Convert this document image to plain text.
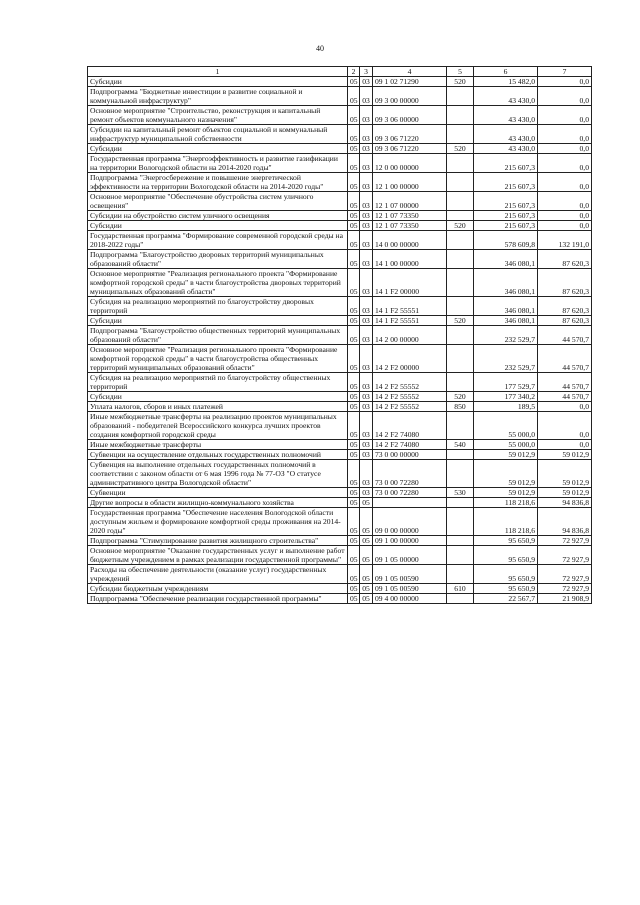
40
1	2	3	4	5	6	7
Субсидии	05	03	09 1 02 71290	520	15 482,0	0,0
Подпрограмма "Бюджетные инвестиции в развитие социальной и коммунальной инфраструктур"	05	03	09 3 00 00000		43 430,0	0,0
Основное мероприятие "Строительство, реконструкция и капитальный ремонт объектов коммунального назначения"	05	03	09 3 06 00000		43 430,0	0,0
Субсидии на капитальный ремонт объектов социальной и коммунальный инфраструктур муниципальной собственности	05	03	09 3 06 71220		43 430,0	0,0
Субсидии	05	03	09 3 06 71220	520	43 430,0	0,0
Государственная программа "Энергоэффективность и развитие газификации на территории Вологодской области на 2014-2020 годы"	05	03	12 0 00 00000		215 607,3	0,0
Подпрограмма "Энергосбережение и повышение энергетической эффективности на территории Вологодской области на 2014-2020 годы"	05	03	12 1 00 00000		215 607,3	0,0
Основное мероприятие "Обеспечение обустройства систем уличного освещения"	05	03	12 1 07 00000		215 607,3	0,0
Субсидии на обустройство систем уличного освещения	05	03	12 1 07 73350		215 607,3	0,0
Субсидии	05	03	12 1 07 73350	520	215 607,3	0,0
Государственная программа "Формирование современной городской среды на 2018-2022 годы"	05	03	14 0 00 00000		578 609,8	132 191,0
Подпрограмма "Благоустройство дворовых территорий муниципальных образований области"	05	03	14 1 00 00000		346 080,1	87 620,3
Основное мероприятие "Реализация регионального проекта "Формирование комфортной городской среды" в части благоустройства дворовых территорий муниципальных образований области"	05	03	14 1 F2 00000		346 080,1	87 620,3
Субсидия на реализацию мероприятий по благоустройству дворовых территорий	05	03	14 1 F2 55551		346 080,1	87 620,3
Субсидии	05	03	14 1 F2 55551	520	346 080,1	87 620,3
Подпрограмма "Благоустройство общественных территорий муниципальных образований области"	05	03	14 2 00 00000		232 529,7	44 570,7
Основное мероприятие "Реализация регионального проекта "Формирование комфортной городской среды" в части благоустройства общественных территорий муниципальных образований области"	05	03	14 2 F2 00000		232 529,7	44 570,7
Субсидия на реализацию мероприятий по благоустройству общественных территорий	05	03	14 2 F2 55552		177 529,7	44 570,7
Субсидии	05	03	14 2 F2 55552	520	177 340,2	44 570,7
Уплата налогов, сборов и иных платежей	05	03	14 2 F2 55552	850	189,5	0,0
Иные межбюджетные трансферты на реализацию проектов муниципальных образований - победителей Всероссийского конкурса лучших проектов создания комфортной городской среды	05	03	14 2 F2 74080		55 000,0	0,0
Иные межбюджетные трансферты	05	03	14 2 F2 74080	540	55 000,0	0,0
Субвенции на осуществление отдельных государственных полномочий	05	03	73 0 00 00000		59 012,9	59 012,9
Субвенция на выполнение отдельных государственных полномочий в соответствии с законом области от 6 мая 1996 года № 77-ОЗ "О статусе административного центра Вологодской области"	05	03	73 0 00 72280		59 012,9	59 012,9
Субвенции	05	03	73 0 00 72280	530	59 012,9	59 012,9
Другие вопросы в области жилищно-коммунального хозяйства	05	05			118 218,6	94 836,8
Государственная программа "Обеспечение населения Вологодской области доступным жильем и формирование комфортной среды проживания на 2014-2020 годы"	05	05	09 0 00 00000		118 218,6	94 836,8
Подпрограмма "Стимулирование развития жилищного строительства"	05	05	09 1 00 00000		95 650,9	72 927,9
Основное мероприятие "Оказание государственных услуг и выполнение работ бюджетным учреждением в рамках реализации государственной программы"	05	05	09 1 05 00000		95 650,9	72 927,9
Расходы на обеспечение деятельности (оказание услуг) государственных учреждений	05	05	09 1 05 00590		95 650,9	72 927,9
Субсидии бюджетным учреждениям	05	05	09 1 05 00590	610	95 650,9	72 927,9
Подпрограмма "Обеспечение реализации государственной программы"	05	05	09 4 00 00000		22 567,7	21 908,9
